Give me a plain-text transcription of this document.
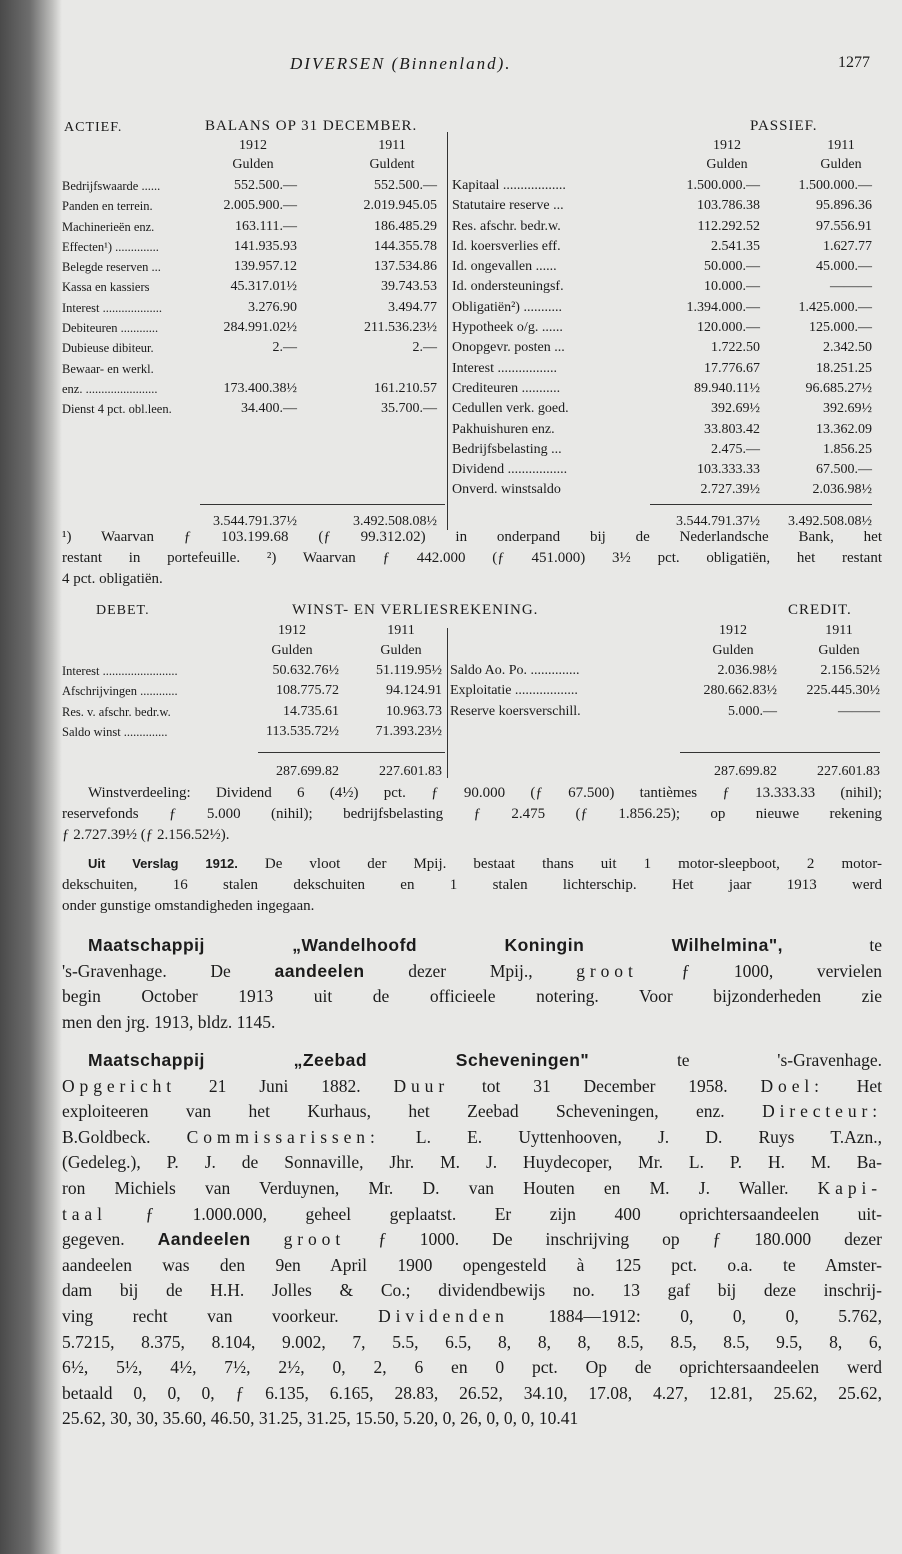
DIVERSEN (Binnenland).	1277
ACTIEF.	BALANS OP 31 DECEMBER.	PASSIEF.
1912	1911	1912	1911
Gulden	Guldent	Gulden	Gulden
Bedrijfswaarde ......	552.500.—	552.500.—
Panden en terrein.	2.005.900.—	2.019.945.05
Machinerieën enz.	163.111.—	186.485.29
Effecten¹) ..............	141.935.93	144.355.78
Belegde reserven ...	139.957.12	137.534.86
Kassa en kassiers	45.317.01½	39.743.53
Interest ...................	3.276.90	3.494.77
Debiteuren ............	284.991.02½	211.536.23½
Dubieuse dibiteur.	2.—	2.—
Bewaar- en werkl.
enz. .......................	173.400.38½	161.210.57
Dienst 4 pct. obl.leen.	34.400.—	35.700.—
Kapitaal ..................	1.500.000.—	1.500.000.—
Statutaire reserve ...	103.786.38	95.896.36
Res. afschr. bedr.w.	112.292.52	97.556.91
Id. koersverlies eff.	2.541.35	1.627.77
Id. ongevallen ......	50.000.—	45.000.—
Id. ondersteuningsf.	10.000.—	———
Obligatiën²) ...........	1.394.000.—	1.425.000.—
Hypotheek o/g. ......	120.000.—	125.000.—
Onopgevr. posten ...	1.722.50	2.342.50
Interest .................	17.776.67	18.251.25
Crediteuren ...........	89.940.11½	96.685.27½
Cedullen verk. goed.	392.69½	392.69½
Pakhuishuren enz.	33.803.42	13.362.09
Bedrijfsbelasting ...	2.475.—	1.856.25
Dividend .................	103.333.33	67.500.—
Onverd. winstsaldo	2.727.39½	2.036.98½
3.544.791.37½	3.492.508.08½	3.544.791.37½	3.492.508.08½
DEBET.	WINST- EN VERLIESREKENING.	CREDIT.
1912	1911	1912	1911
Gulden	Gulden	Gulden	Gulden
Interest ........................	50.632.76½	51.119.95½
Afschrijvingen ............	108.775.72	94.124.91
Res. v. afschr. bedr.w.	14.735.61	10.963.73
Saldo winst ..............	113.535.72½	71.393.23½
Saldo Ao. Po. ..............	2.036.98½	2.156.52½
Exploitatie ..................	280.662.83½	225.445.30½
Reserve koersverschill.	5.000.—	———
287.699.82	227.601.83	287.699.82	227.601.83
¹) Waarvan ƒ 103.199.68 (ƒ 99.312.02) in onderpand bij de Nederlandsche Bank, het
restant in portefeuille. ²) Waarvan ƒ 442.000 (ƒ 451.000) 3½ pct. obligatiën, het restant
4 pct. obligatiën.
Winstverdeeling: Dividend 6 (4½) pct. ƒ 90.000 (ƒ 67.500) tantièmes ƒ 13.333.33 (nihil);
reservefonds ƒ 5.000 (nihil); bedrijfsbelasting ƒ 2.475 (ƒ 1.856.25); op nieuwe rekening
ƒ 2.727.39½ (ƒ 2.156.52½).
Uit Verslag 1912. De vloot der Mpij. bestaat thans uit 1 motor-sleepboot, 2 motor-
dekschuiten, 16 stalen dekschuiten en 1 stalen lichterschip. Het jaar 1913 werd
onder gunstige omstandigheden ingegaan.
Maatschappij „Wandelhoofd Koningin Wilhelmina", te
's-Gravenhage. De aandeelen dezer Mpij., groot ƒ 1000, vervielen
begin October 1913 uit de officieele notering. Voor bijzonderheden zie
men den jrg. 1913, bldz. 1145.
Maatschappij „Zeebad Scheveningen" te 's-Gravenhage.
Opgericht 21 Juni 1882. Duur tot 31 December 1958. Doel: Het
exploiteeren van het Kurhaus, het Zeebad Scheveningen, enz. Directeur:
B.Goldbeck. Commissarissen: L. E. Uyttenhooven, J. D. Ruys T.Azn.,
(Gedeleg.), P. J. de Sonnaville, Jhr. M. J. Huydecoper, Mr. L. P. H. M. Ba-
ron Michiels van Verduynen, Mr. D. van Houten en M. J. Waller. Kapi-
taal ƒ 1.000.000, geheel geplaatst. Er zijn 400 oprichtersaandeelen uit-
gegeven. Aandeelen groot ƒ 1000. De inschrijving op ƒ 180.000 dezer
aandeelen was den 9en April 1900 opengesteld à 125 pct. o.a. te Amster-
dam bij de H.H. Jolles & Co.; dividendbewijs no. 13 gaf bij deze inschrij-
ving recht van voorkeur. Dividenden 1884—1912: 0, 0, 0, 5.762,
5.7215, 8.375, 8.104, 9.002, 7, 5.5, 6.5, 8, 8, 8, 8.5, 8.5, 8.5, 9.5, 8, 6,
6½, 5½, 4½, 7½, 2½, 0, 2, 6 en 0 pct. Op de oprichtersaandeelen werd
betaald 0, 0, 0, ƒ 6.135, 6.165, 28.83, 26.52, 34.10, 17.08, 4.27, 12.81, 25.62, 25.62,
25.62, 30, 30, 35.60, 46.50, 31.25, 31.25, 15.50, 5.20, 0, 26, 0, 0, 0, 10.41
